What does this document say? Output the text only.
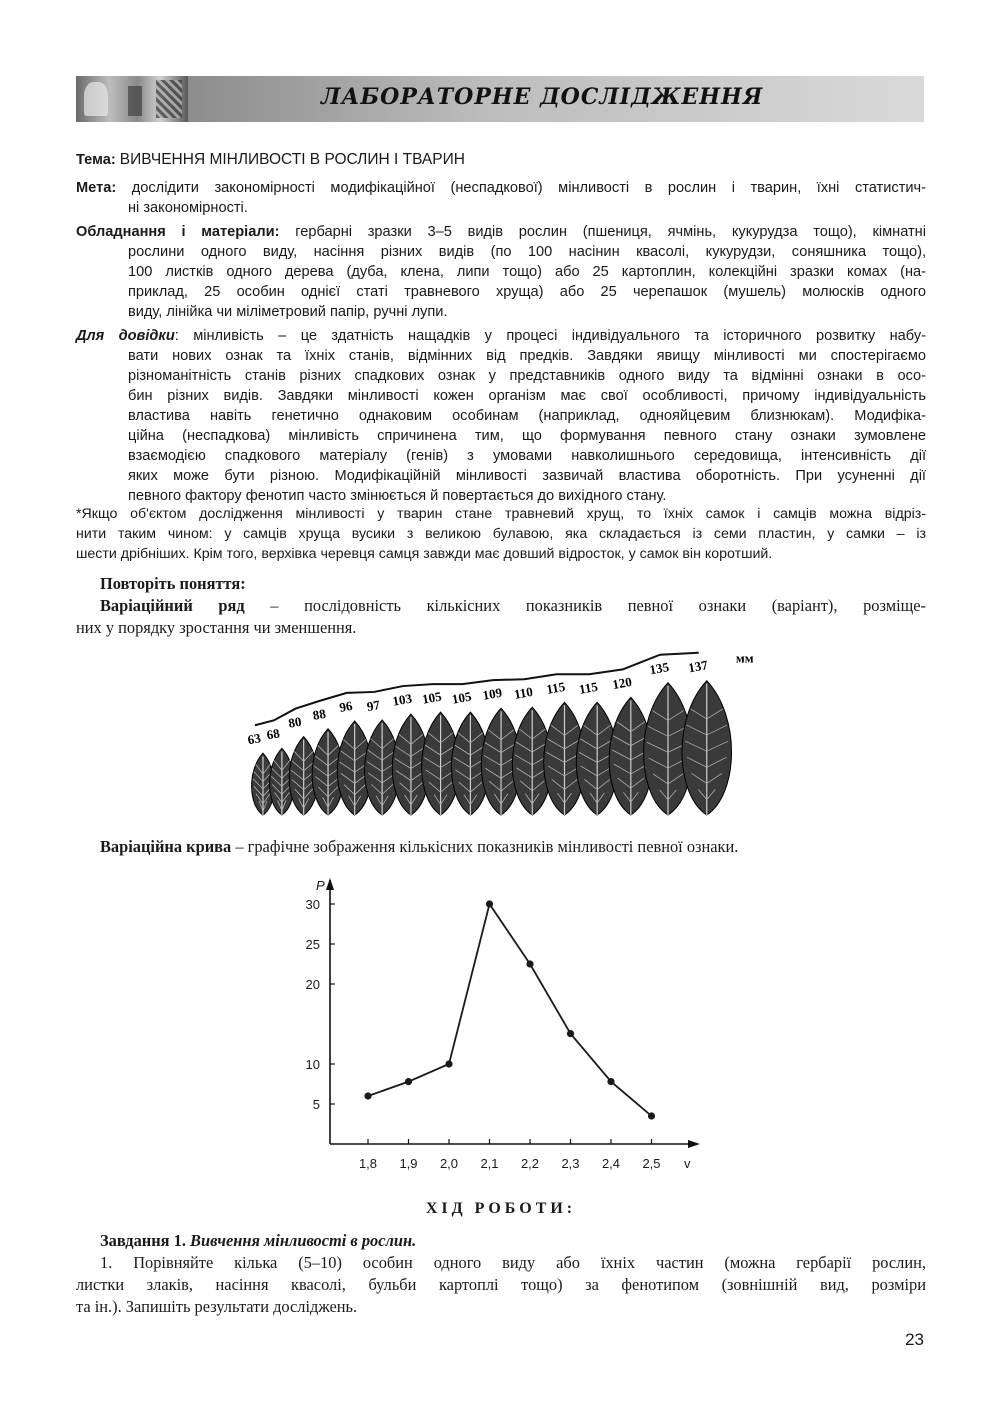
ЛАБОРАТОРНЕ ДОСЛІДЖЕННЯ
Тема: ВИВЧЕННЯ МІНЛИВОСТІ В РОСЛИН І ТВАРИН
Мета: дослідити закономірності модифікаційної (неспадкової) мінливості в рослин і тварин, їхні статистич-
ні закономірності.
Обладнання і матеріали: гербарні зразки 3–5 видів рослин (пшениця, ячмінь, кукурудза тощо), кімнатні
рослини одного виду, насіння різних видів (по 100 насінин квасолі, кукурудзи, соняшника тощо),
100 листків одного дерева (дуба, клена, липи тощо) або 25 картоплин, колекційні зразки комах (на-
приклад, 25 особин однієї статі травневого хруща) або 25 черепашок (мушель) молюсків одного
виду, лінійка чи міліметровий папір, ручні лупи.
Для довідки: мінливість – це здатність нащадків у процесі індивідуального та історичного розвитку набу-
вати нових ознак та їхніх станів, відмінних від предків. Завдяки явищу мінливості ми спостерігаємо
різноманітність станів різних спадкових ознак у представників одного виду та відмінні ознаки в осо-
бин різних видів. Завдяки мінливості кожен організм має свої особливості, причому індивідуальність
властива навіть генетично однаковим особинам (наприклад, однояйцевим близнюкам). Модифіка-
ційна (неспадкова) мінливість спричинена тим, що формування певного стану ознаки зумовлене
взаємодією спадкового матеріалу (генів) з умовами навколишнього середовища, інтенсивність дії
яких може бути різною. Модифікаційній мінливості зазвичай властива оборотність. При усуненні дії
певного фактору фенотип часто змінюється й повертається до вихідного стану.
*Якщо об'єктом дослідження мінливості у тварин стане травневий хрущ, то їхніх самок і самців можна відріз-
нити таким чином: у самців хруща вусики з великою булавою, яка складається із семи пластин, у самки – із
шести дрібніших. Крім того, верхівка черевця самця завжди має довший відросток, у самок він коротший.
Повторіть поняття:
Варіаційний ряд – послідовність кількісних показників певної ознаки (варіант), розміще-
них у порядку зростання чи зменшення.
63 68
80 88 96 97 103 105 105 109 110 115 115 120
135 137 мм
Варіаційна крива – графічне зображення кількісних показників мінливості певної ознаки.
P
v
5
10
20
25
30
1,8 1,9 2,0 2,1 2,2 2,3 2,4 2,5
ХІД РОБОТИ:
Завдання 1. Вивчення мінливості в рослин.
1. Порівняйте кілька (5–10) особин одного виду або їхніх частин (можна гербарії рослин,
листки злаків, насіння квасолі, бульби картоплі тощо) за фенотипом (зовнішній вид, розміри
та ін.). Запишіть результати досліджень.
23
